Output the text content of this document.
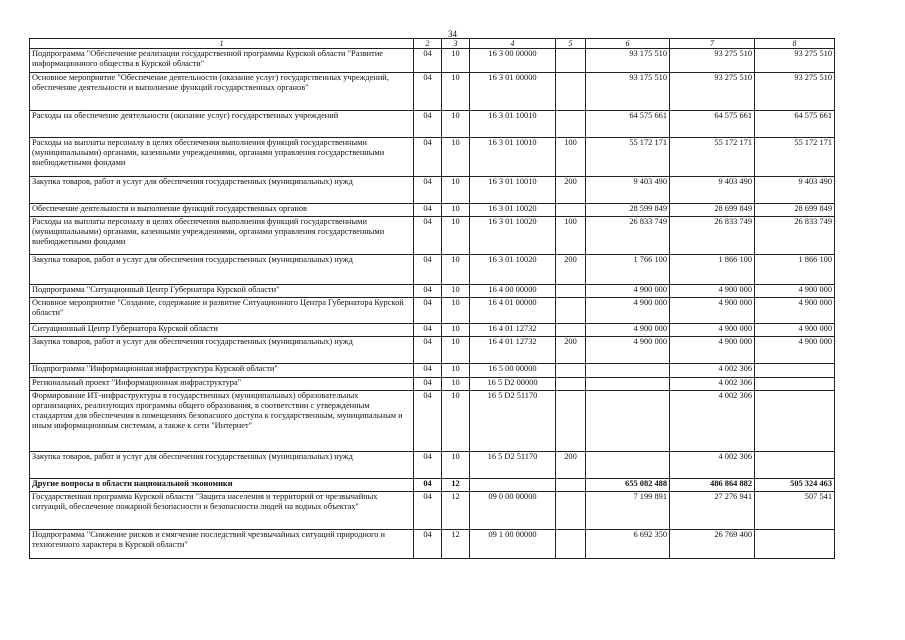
34
1	2	3	4	5	6	7	8
Подпрограмма "Обеспечение реализации государственной программы Курской области "Развитие информационного общества в Курской области"	04	10	16 3 00 00000		93 175 510	93 275 510	93 275 510
Основное мероприятие "Обеспечение деятельности (оказание услуг) государственных учреждений, обеспечение деятельности и выполнение функций государственных органов"	04	10	16 3 01 00000		93 175 510	93 275 510	93 275 510
Расходы на обеспечение деятельности (оказание услуг) государственных учреждений	04	10	16 3 01 10010		64 575 661	64 575 661	64 575 661
Расходы на выплаты персоналу в целях обеспечения выполнения функций государственными (муниципальными) органами, казенными учреждениями, органами управления государственными внебюджетными фондами	04	10	16 3 01 10010	100	55 172 171	55 172 171	55 172 171
Закупка товаров, работ и услуг для обеспечения государственных (муниципальных) нужд	04	10	16 3 01 10010	200	9 403 490	9 403 490	9 403 490
Обеспечение деятельности и выполнение функций государственных органов	04	10	16 3 01 10020		28 599 849	28 699 849	28 699 849
Расходы на выплаты персоналу в целях обеспечения выполнения функций государственными (муниципальными) органами, казенными учреждениями, органами управления государственными внебюджетными фондами	04	10	16 3 01 10020	100	26 833 749	26 833 749	26 833 749
Закупка товаров, работ и услуг для обеспечения государственных (муниципальных) нужд	04	10	16 3 01 10020	200	1 766 100	1 866 100	1 866 100
Подпрограмма "Ситуационный Центр Губернатора Курской области"	04	10	16 4 00 00000		4 900 000	4 900 000	4 900 000
Основное мероприятие "Создание, содержание и развитие Ситуационного Центра Губернатора Курской области"	04	10	16 4 01 00000		4 900 000	4 900 000	4 900 000
Ситуационный Центр Губернатора Курской области	04	10	16 4 01 12732		4 900 000	4 900 000	4 900 000
Закупка товаров, работ и услуг для обеспечения государственных (муниципальных) нужд	04	10	16 4 01 12732	200	4 900 000	4 900 000	4 900 000
Подпрограмма "Информационная инфраструктура Курской области"	04	10	16 5 00 00000			4 002 306	
Региональный проект "Информационная инфраструктура"	04	10	16 5 D2 00000			4 002 306	
Формирование ИТ-инфраструктуры в государственных (муниципальных) образовательных организациях, реализующих программы общего образования, в соответствии с утвержденным стандартом для обеспечения в помещениях безопасного доступа к государственным, муниципальным и иным информационным системам, а также к сети "Интернет"	04	10	16 5 D2 51170			4 002 306	
Закупка товаров, работ и услуг для обеспечения государственных (муниципальных) нужд	04	10	16 5 D2 51170	200		4 002 306	
Другие вопросы в области национальной экономики	04	12			655 082 488	486 864 882	505 324 463
Государственная программа Курской области "Защита населения и территорий от чрезвычайных ситуаций, обеспечение пожарной безопасности и безопасности людей на водных объектах"	04	12	09 0 00 00000		7 199 891	27 276 941	507 541
Подпрограмма "Снижение рисков и смягчение последствий чрезвычайных ситуаций природного и техногенного характера в Курской области"	04	12	09 1 00 00000		6 692 350	26 769 400	
